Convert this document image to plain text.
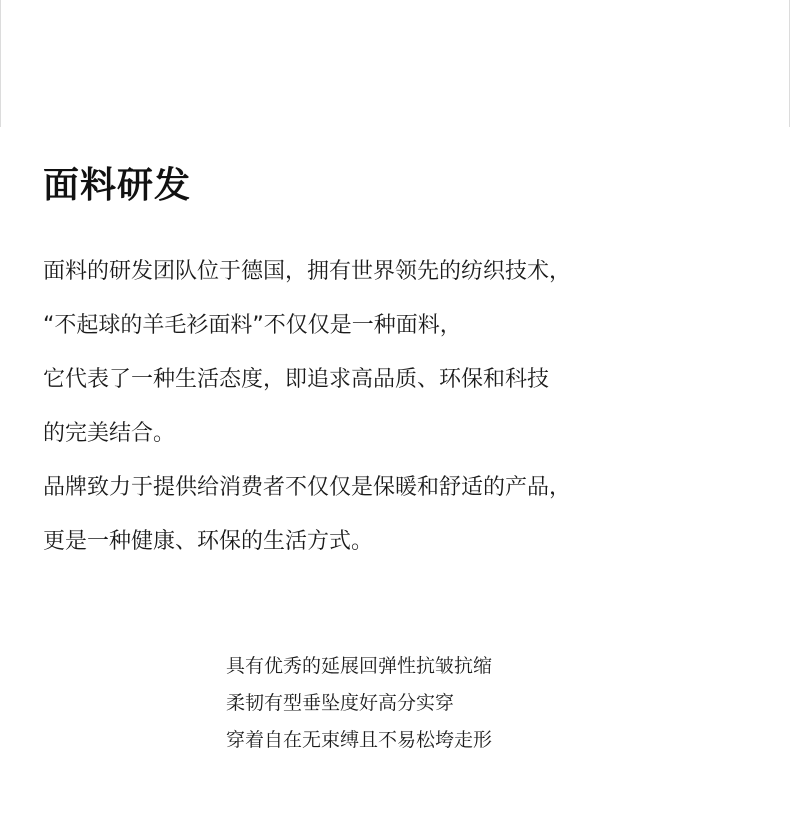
面料研发
面料的研发团队位于德国，拥有世界领先的纺织技术，
“不起球的羊毛衫面料”不仅仅是一种面料，
它代表了一种生活态度，即追求高品质、环保和科技
的完美结合。
品牌致力于提供给消费者不仅仅是保暖和舒适的产品，
更是一种健康、环保的生活方式。
具有优秀的延展回弹性抗皱抗缩
柔韧有型垂坠度好高分实穿
穿着自在无束缚且不易松垮走形
